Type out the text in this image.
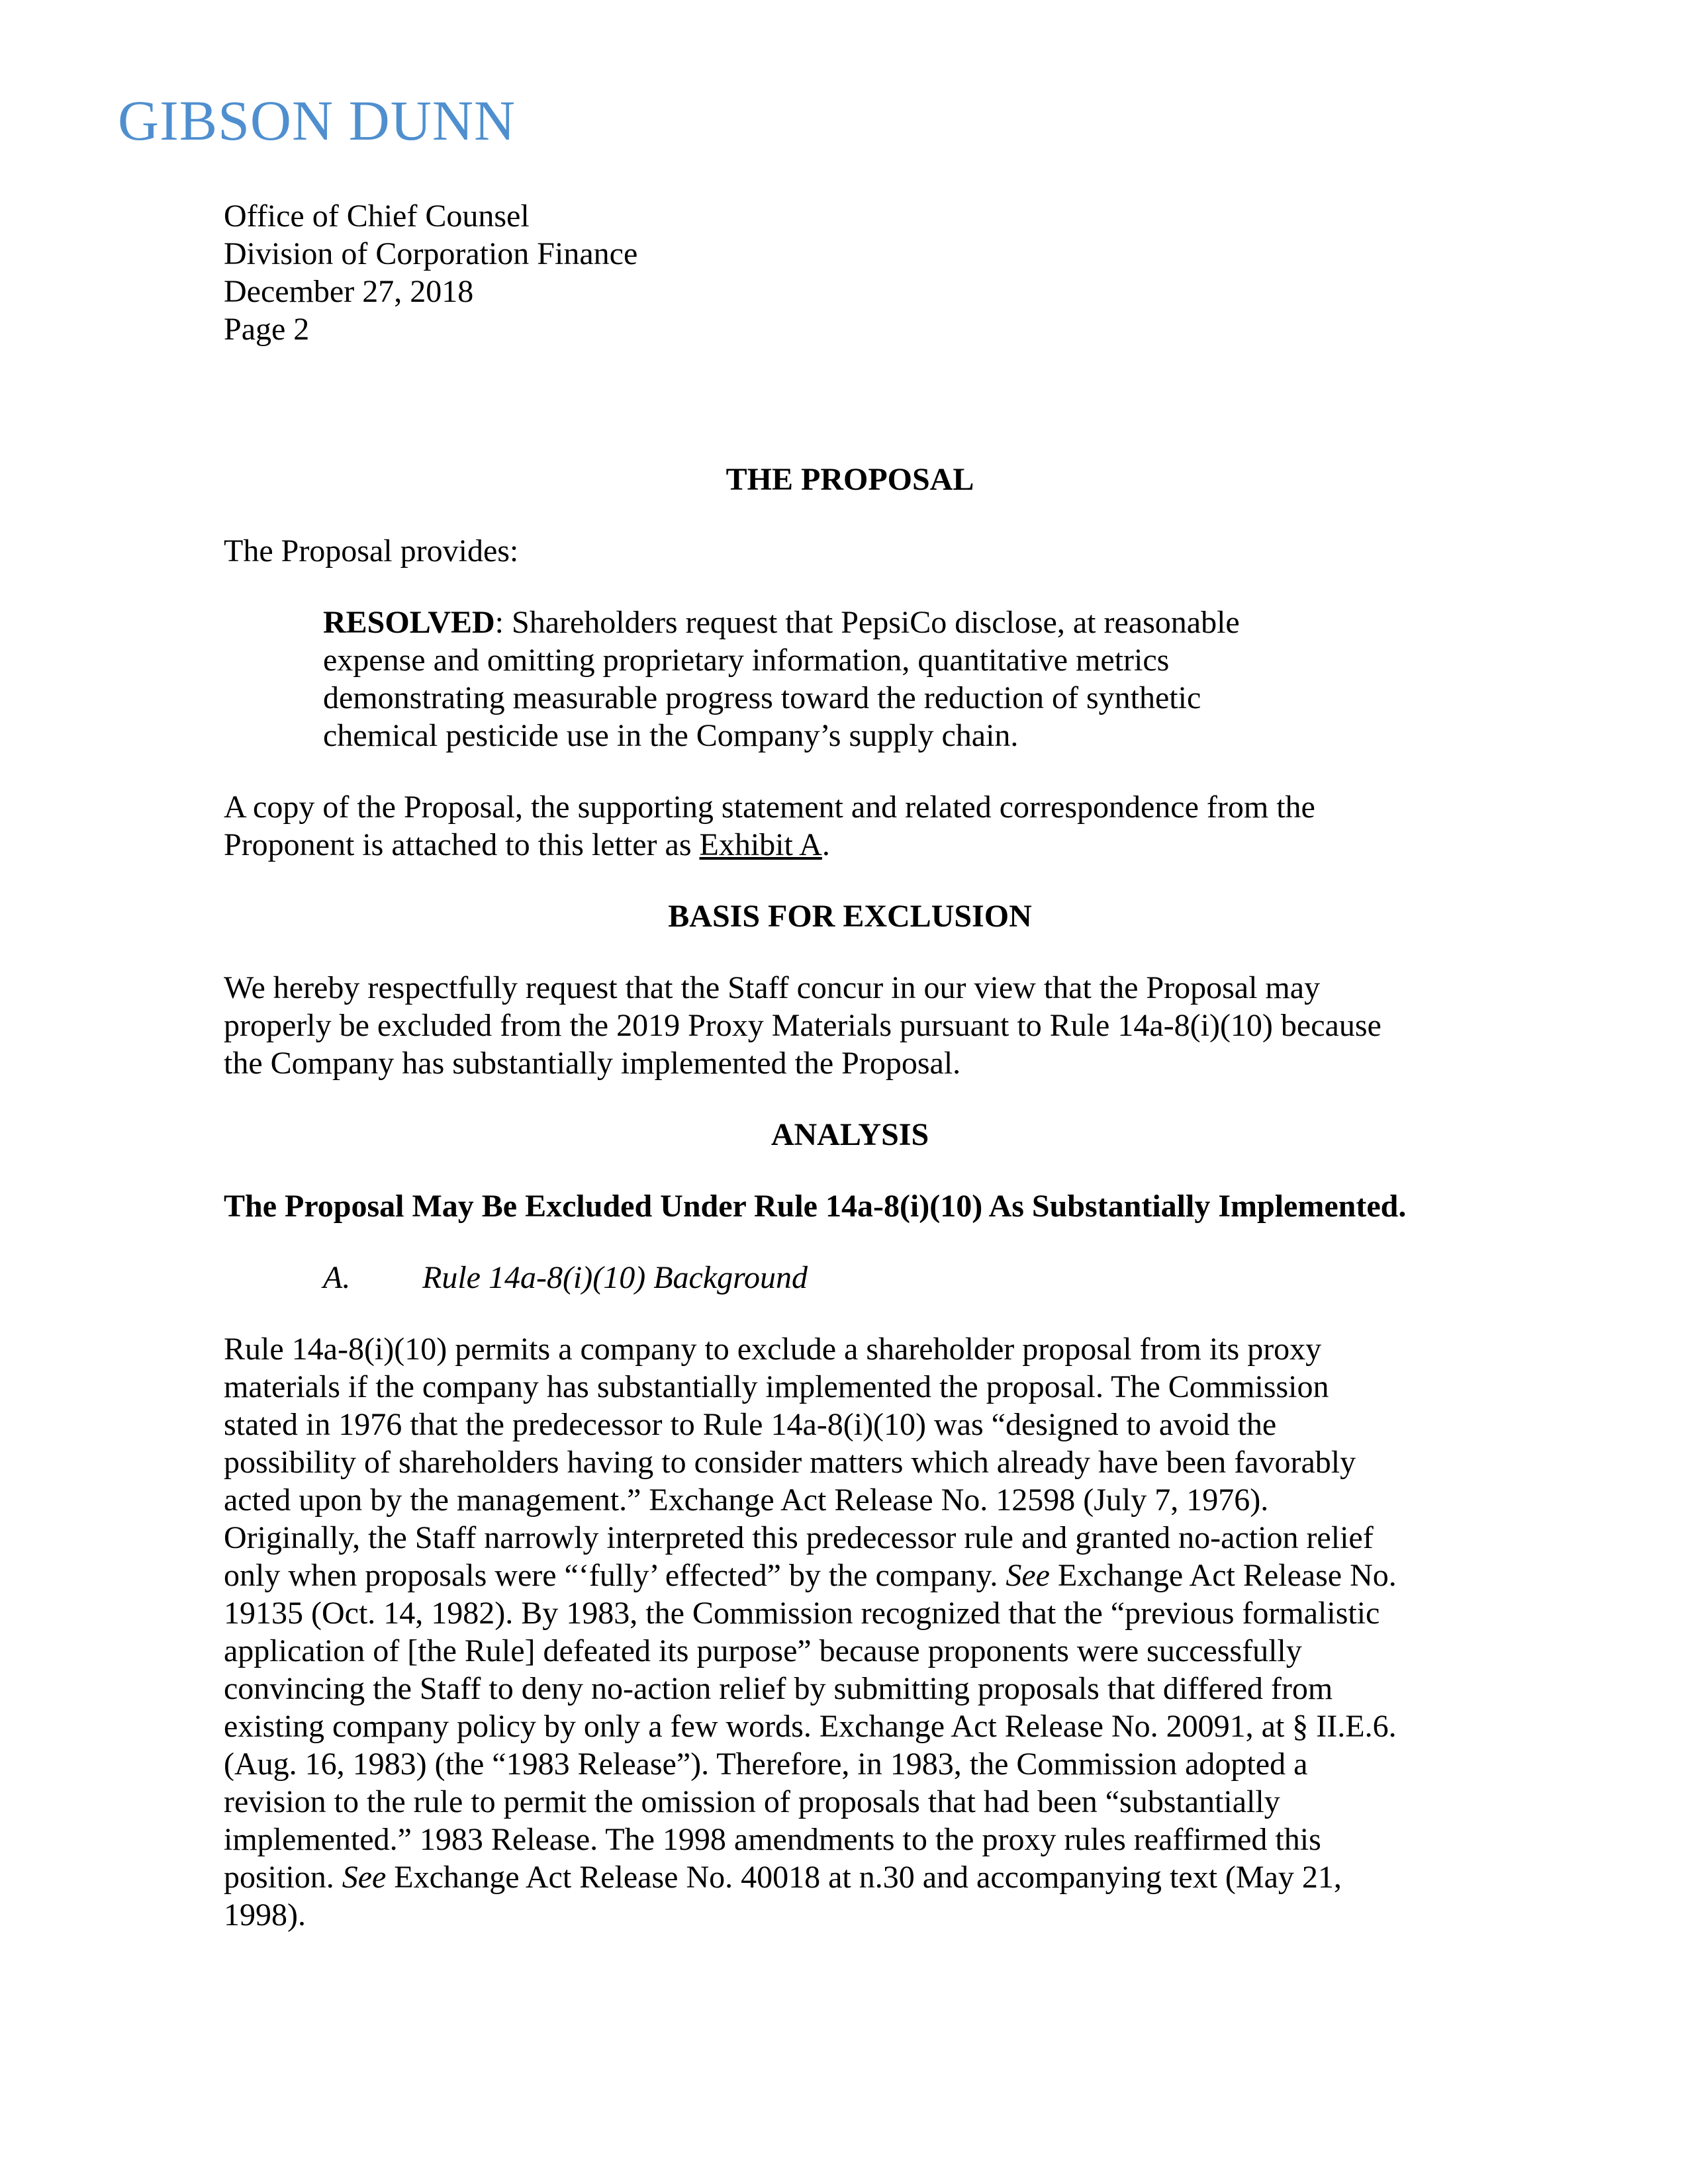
GIBSON DUNN
Office of Chief Counsel
Division of Corporation Finance
December 27, 2018
Page 2

THE PROPOSAL

The Proposal provides:

RESOLVED: Shareholders request that PepsiCo disclose, at reasonable
expense and omitting proprietary information, quantitative metrics
demonstrating measurable progress toward the reduction of synthetic
chemical pesticide use in the Company’s supply chain.
A copy of the Proposal, the supporting statement and related correspondence from the
Proponent is attached to this letter as Exhibit A.

BASIS FOR EXCLUSION

We hereby respectfully request that the Staff concur in our view that the Proposal may
properly be excluded from the 2019 Proxy Materials pursuant to Rule 14a-8(i)(10) because
the Company has substantially implemented the Proposal.

ANALYSIS

The Proposal May Be Excluded Under Rule 14a-8(i)(10) As Substantially Implemented.

A. Rule 14a-8(i)(10) Background

Rule 14a-8(i)(10) permits a company to exclude a shareholder proposal from its proxy
materials if the company has substantially implemented the proposal. The Commission
stated in 1976 that the predecessor to Rule 14a-8(i)(10) was “designed to avoid the
possibility of shareholders having to consider matters which already have been favorably
acted upon by the management.” Exchange Act Release No. 12598 (July 7, 1976).
Originally, the Staff narrowly interpreted this predecessor rule and granted no-action relief
only when proposals were “‘fully’ effected” by the company. See Exchange Act Release No.
19135 (Oct. 14, 1982). By 1983, the Commission recognized that the “previous formalistic
application of [the Rule] defeated its purpose” because proponents were successfully
convincing the Staff to deny no-action relief by submitting proposals that differed from
existing company policy by only a few words. Exchange Act Release No. 20091, at § II.E.6.
(Aug. 16, 1983) (the “1983 Release”). Therefore, in 1983, the Commission adopted a
revision to the rule to permit the omission of proposals that had been “substantially
implemented.” 1983 Release. The 1998 amendments to the proxy rules reaffirmed this
position. See Exchange Act Release No. 40018 at n.30 and accompanying text (May 21,
1998).
